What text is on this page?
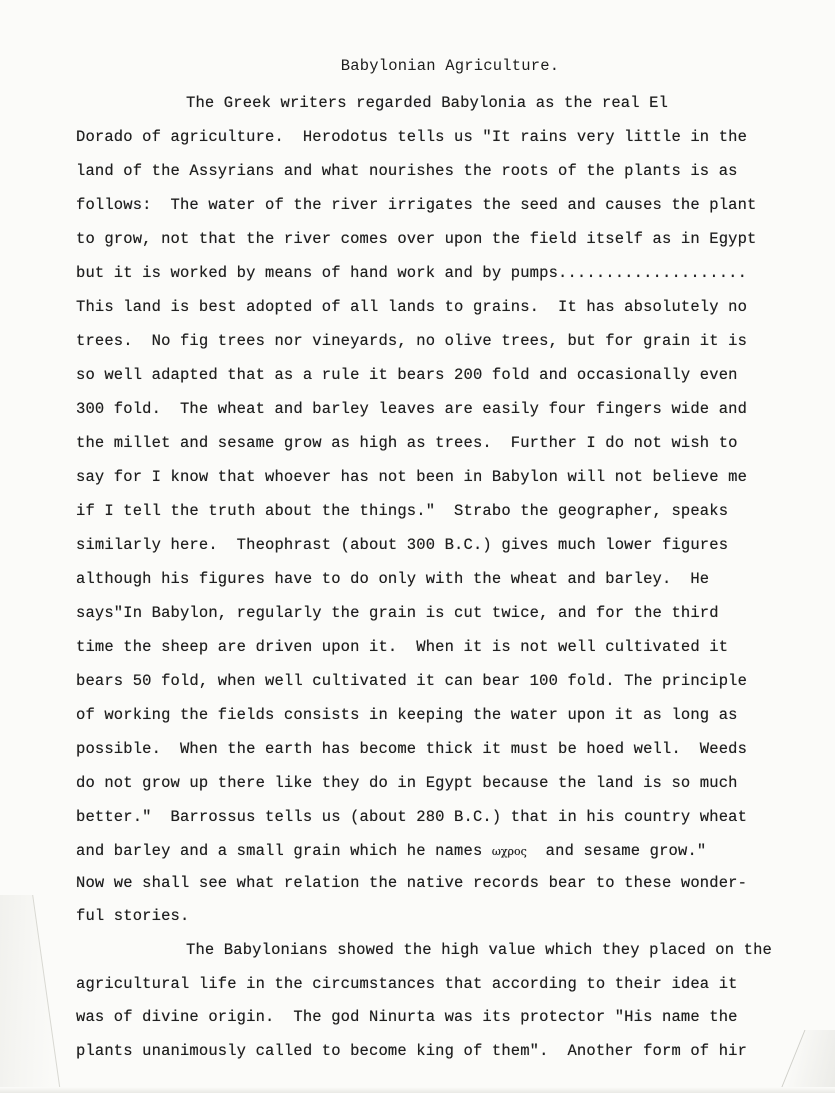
Babylonian Agriculture.
The Greek writers regarded Babylonia as the real El
Dorado of agriculture.  Herodotus tells us "It rains very little in the
land of the Assyrians and what nourishes the roots of the plants is as
follows:  The water of the river irrigates the seed and causes the plant
to grow, not that the river comes over upon the field itself as in Egypt
but it is worked by means of hand work and by pumps....................
This land is best adopted of all lands to grains.  It has absolutely no
trees.  No fig trees nor vineyards, no olive trees, but for grain it is
so well adapted that as a rule it bears 200 fold and occasionally even
300 fold.  The wheat and barley leaves are easily four fingers wide and
the millet and sesame grow as high as trees.  Further I do not wish to
say for I know that whoever has not been in Babylon will not believe me
if I tell the truth about the things."  Strabo the geographer, speaks
similarly here.  Theophrast (about 300 B.C.) gives much lower figures
although his figures have to do only with the wheat and barley.  He
says"In Babylon, regularly the grain is cut twice, and for the third
time the sheep are driven upon it.  When it is not well cultivated it
bears 50 fold, when well cultivated it can bear 100 fold. The principle
of working the fields consists in keeping the water upon it as long as
possible.  When the earth has become thick it must be hoed well.  Weeds
do not grow up there like they do in Egypt because the land is so much
better."  Barrossus tells us (about 280 B.C.) that in his country wheat
and barley and a small grain which he names ωχρος  and sesame grow."
Now we shall see what relation the native records bear to these wonder-
ful stories.
The Babylonians showed the high value which they placed on the
agricultural life in the circumstances that according to their idea it
was of divine origin.  The god Ninurta was its protector "His name the
plants unanimously called to become king of them".  Another form of hir
